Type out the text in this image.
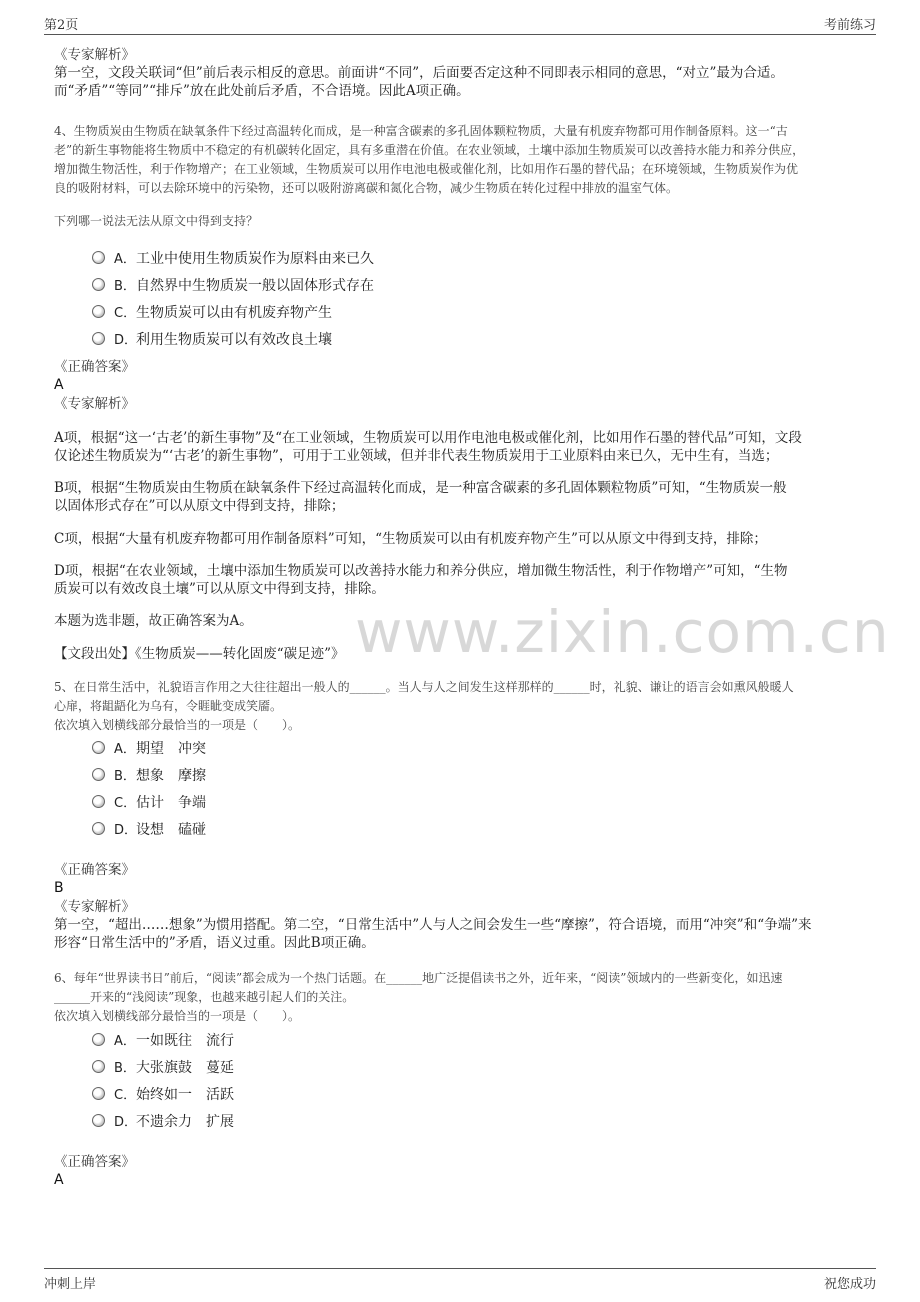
第2页	考前练习
www.zixin.com.cn
《专家解析》
第一空，文段关联词“但”前后表示相反的意思。前面讲“不同”，后面要否定这种不同即表示相同的意思，“对立”最为合适。
而“矛盾”“等同”“排斥”放在此处前后矛盾，不合语境。因此A项正确。
4、生物质炭由生物质在缺氧条件下经过高温转化而成，是一种富含碳素的多孔固体颗粒物质，大量有机废弃物都可用作制备原料。这一“古
老”的新生事物能将生物质中不稳定的有机碳转化固定，具有多重潜在价值。在农业领域，土壤中添加生物质炭可以改善持水能力和养分供应，
增加微生物活性，利于作物增产；在工业领域，生物质炭可以用作电池电极或催化剂，比如用作石墨的替代品；在环境领域，生物质炭作为优
良的吸附材料，可以去除环境中的污染物，还可以吸附游离碳和氮化合物，减少生物质在转化过程中排放的温室气体。
下列哪一说法无法从原文中得到支持？
A．工业中使用生物质炭作为原料由来已久
B．自然界中生物质炭一般以固体形式存在
C．生物质炭可以由有机废弃物产生
D．利用生物质炭可以有效改良土壤
《正确答案》
A
《专家解析》
A项，根据“这一‘古老’的新生事物”及“在工业领域，生物质炭可以用作电池电极或催化剂，比如用作石墨的替代品”可知，文段
仅论述生物质炭为“‘古老’的新生事物”，可用于工业领域，但并非代表生物质炭用于工业原料由来已久，无中生有，当选；
B项，根据“生物质炭由生物质在缺氧条件下经过高温转化而成，是一种富含碳素的多孔固体颗粒物质”可知，“生物质炭一般
以固体形式存在”可以从原文中得到支持，排除；
C项，根据“大量有机废弃物都可用作制备原料”可知，“生物质炭可以由有机废弃物产生”可以从原文中得到支持，排除；
D项，根据“在农业领域，土壤中添加生物质炭可以改善持水能力和养分供应，增加微生物活性，利于作物增产”可知，“生物
质炭可以有效改良土壤”可以从原文中得到支持，排除。
本题为选非题，故正确答案为A。
【文段出处】《生物质炭——转化固废“碳足迹”》
5、在日常生活中，礼貌语言作用之大往往超出一般人的______。当人与人之间发生这样那样的______时，礼貌、谦让的语言会如熏风般暖人
心扉，将龃龉化为乌有，令睚眦变成笑靥。
依次填入划横线部分最恰当的一项是（　　）。
A．期望 冲突
B．想象 摩擦
C．估计 争端
D．设想 磕碰
《正确答案》
B
《专家解析》
第一空，“超出……想象”为惯用搭配。第二空，“日常生活中”人与人之间会发生一些“摩擦”，符合语境，而用“冲突”和“争端”来
形容“日常生活中的”矛盾，语义过重。因此B项正确。
6、每年“世界读书日”前后，“阅读”都会成为一个热门话题。在______地广泛提倡读书之外，近年来，“阅读”领域内的一些新变化，如迅速
______开来的“浅阅读”现象，也越来越引起人们的关注。
依次填入划横线部分最恰当的一项是（　　）。
A．一如既往 流行
B．大张旗鼓 蔓延
C．始终如一 活跃
D．不遗余力 扩展
《正确答案》
A
冲刺上岸	祝您成功
